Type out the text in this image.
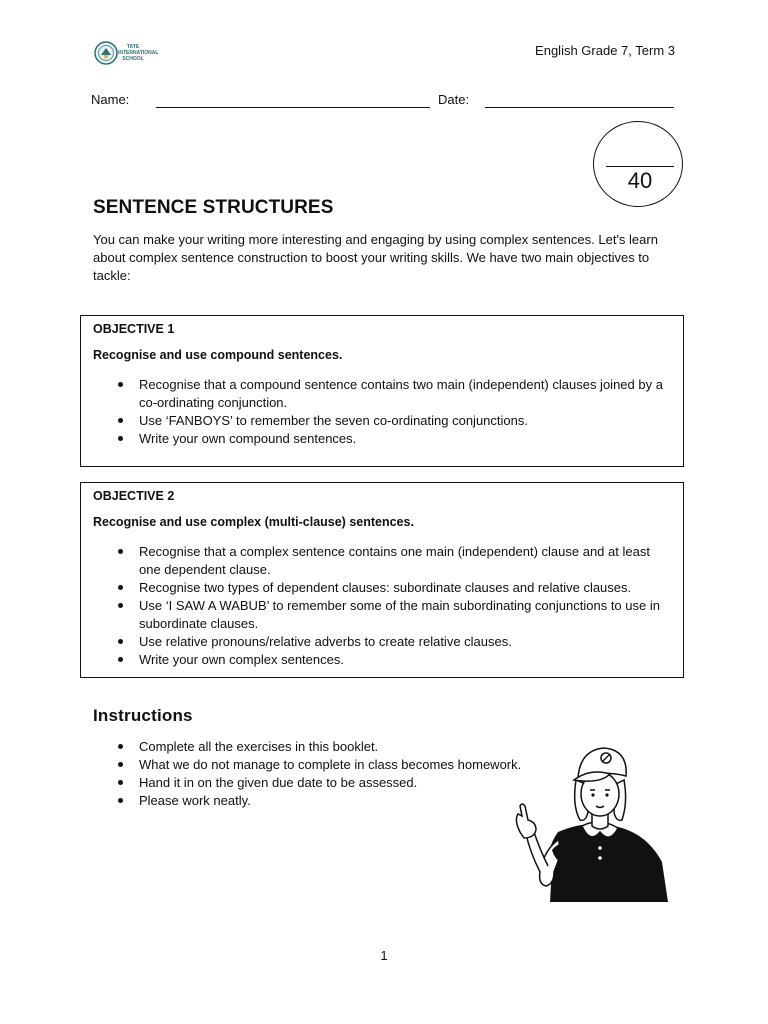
TATE INTERNATIONAL SCHOOL
English Grade 7, Term 3
Name:	Date:
40
SENTENCE STRUCTURES
You can make your writing more interesting and engaging by using complex sentences. Let's learn about complex sentence construction to boost your writing skills. We have two main objectives to tackle:
OBJECTIVE 1
Recognise and use compound sentences.
Recognise that a compound sentence contains two main (independent) clauses joined by a co-ordinating conjunction.
Use ‘FANBOYS’ to remember the seven co-ordinating conjunctions.
Write your own compound sentences.
OBJECTIVE 2
Recognise and use complex (multi-clause) sentences.
Recognise that a complex sentence contains one main (independent) clause and at least one dependent clause.
Recognise two types of dependent clauses: subordinate clauses and relative clauses.
Use ‘I SAW A WABUB’ to remember some of the main subordinating conjunctions to use in subordinate clauses.
Use relative pronouns/relative adverbs to create relative clauses.
Write your own complex sentences.
Instructions
Complete all the exercises in this booklet.
What we do not manage to complete in class becomes homework.
Hand it in on the given due date to be assessed.
Please work neatly.
1
